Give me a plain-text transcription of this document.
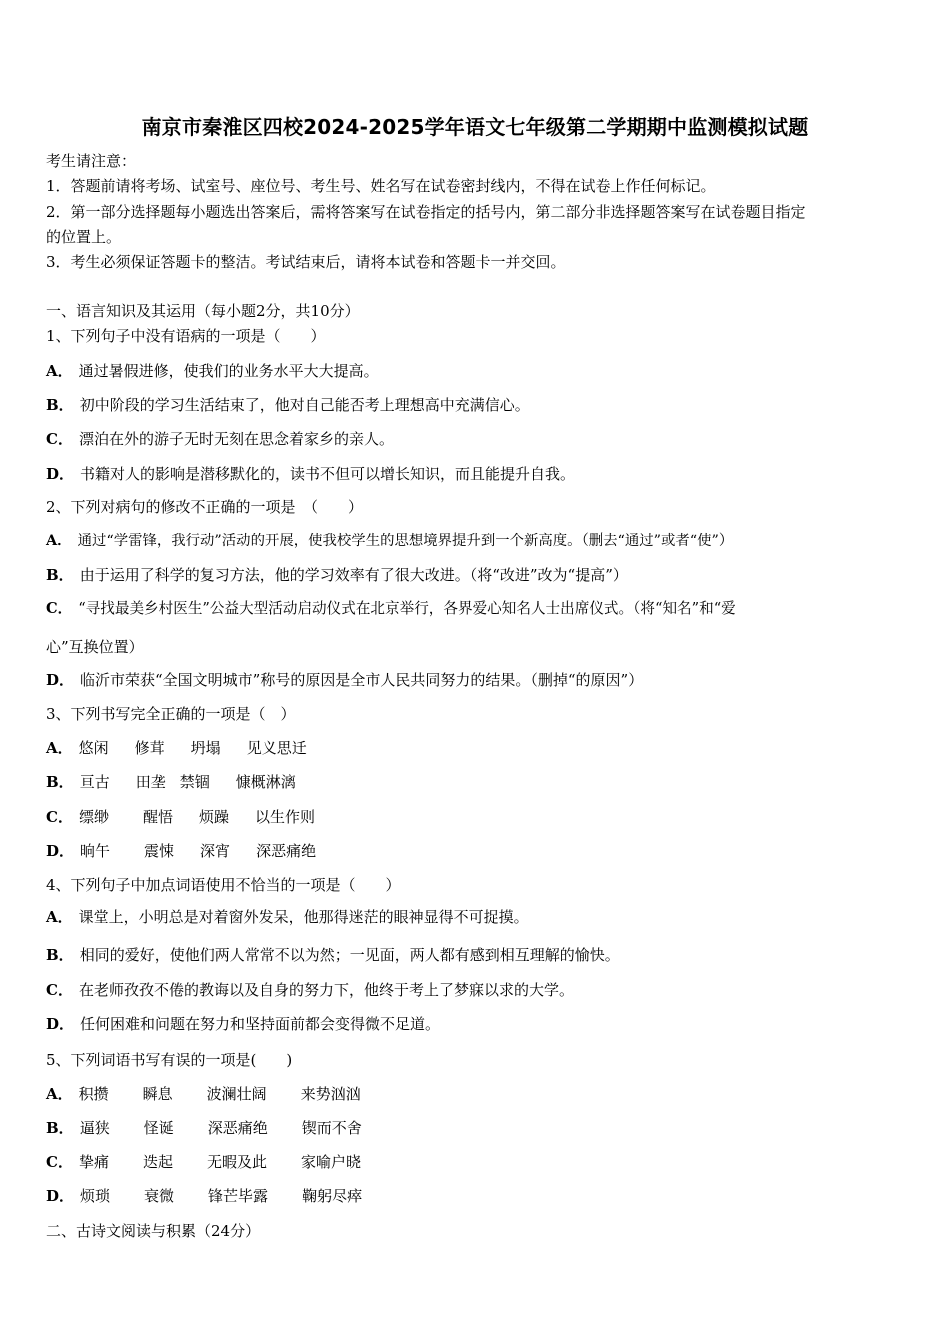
南京市秦淮区四校2024-2025学年语文七年级第二学期期中监测模拟试题
考生请注意：
1．答题前请将考场、试室号、座位号、考生号、姓名写在试卷密封线内，不得在试卷上作任何标记。
2．第一部分选择题每小题选出答案后，需将答案写在试卷指定的括号内，第二部分非选择题答案写在试卷题目指定
的位置上。
3．考生必须保证答题卡的整洁。考试结束后，请将本试卷和答题卡一并交回。
一、语言知识及其运用（每小题2分，共10分）
1、下列句子中没有语病的一项是（　　）
A． 通过暑假进修，使我们的业务水平大大提高。
B． 初中阶段的学习生活结束了，他对自己能否考上理想高中充满信心。
C． 漂泊在外的游子无时无刻在思念着家乡的亲人。
D． 书籍对人的影响是潜移默化的，读书不但可以增长知识，而且能提升自我。
2、下列对病句的修改不正确的一项是　（　　）
A． 通过“学雷锋，我行动”活动的开展，使我校学生的思想境界提升到一个新高度。（删去“通过”或者“使”）
B． 由于运用了科学的复习方法，他的学习效率有了很大改进。（将“改进”改为“提高”）
C． “寻找最美乡村医生”公益大型活动启动仪式在北京举行，各界爱心知名人士出席仪式。（将“知名”和“爱
心”互换位置）
D． 临沂市荣获“全国文明城市”称号的原因是全市人民共同努力的结果。（删掉“的原因”）
3、下列书写完全正确的一项是（　）
A． 悠闲 修茸 坍塌 见义思迁
B． 亘古 田垄 禁锢 慷概淋漓
C． 缥缈 醒悟 烦躁 以生作则
D． 晌午 震悚 深宵 深恶痛绝
4、下列句子中加点词语使用不恰当的一项是（　　）
A． 课堂上，小明总是对着窗外发呆，他那得迷茫的眼神显得不可捉摸。
B． 相同的爱好，使他们两人常常不以为然；一见面，两人都有感到相互理解的愉快。
C． 在老师孜孜不倦的教诲以及自身的努力下，他终于考上了梦寐以求的大学。
D． 任何困难和问题在努力和坚持面前都会变得微不足道。
5、下列词语书写有误的一项是(　　)
A． 积攒 瞬息 波澜壮阔 来势汹汹
B． 逼狭 怪诞 深恶痛绝 锲而不舍
C． 挚痛 迭起 无暇及此 家喻户晓
D． 烦琐 衰微 锋芒毕露 鞠躬尽瘁
二、古诗文阅读与积累（24分）
